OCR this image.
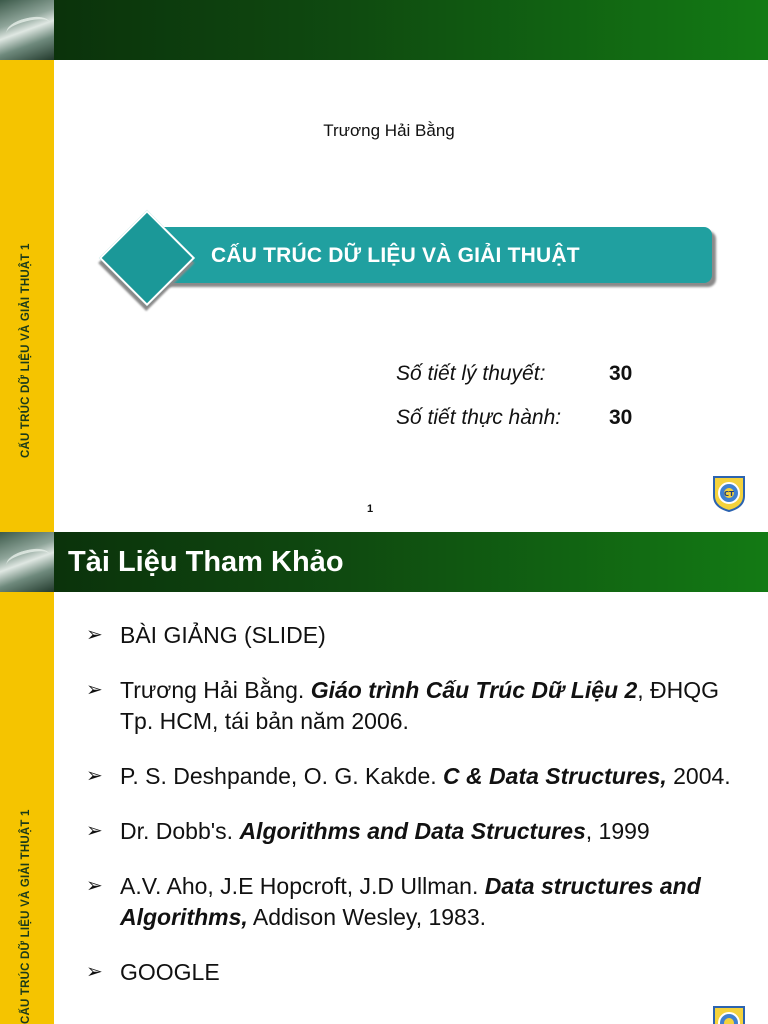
CẤU TRÚC DỮ LIỆU VÀ GIẢI THUẬT 1
Trương Hải Bằng
CẤU TRÚC DỮ LIỆU VÀ GIẢI THUẬT
Số tiết lý thuyết:	30
Số tiết thực hành: 30
1
CT
Tài Liệu Tham Khảo
CẤU TRÚC DỮ LIỆU VÀ GIẢI THUẬT 1
➢ BÀI GIẢNG (SLIDE)
➢ Trương Hải Bằng. Giáo trình Cấu Trúc Dữ Liệu 2, ĐHQG Tp. HCM, tái bản năm 2006.
➢ P. S. Deshpande, O. G. Kakde. C & Data Structures, 2004.
➢ Dr. Dobb's. Algorithms and Data Structures, 1999
➢ A.V. Aho, J.E Hopcroft, J.D Ullman. Data structures and Algorithms, Addison Wesley, 1983.
➢ GOOGLE
